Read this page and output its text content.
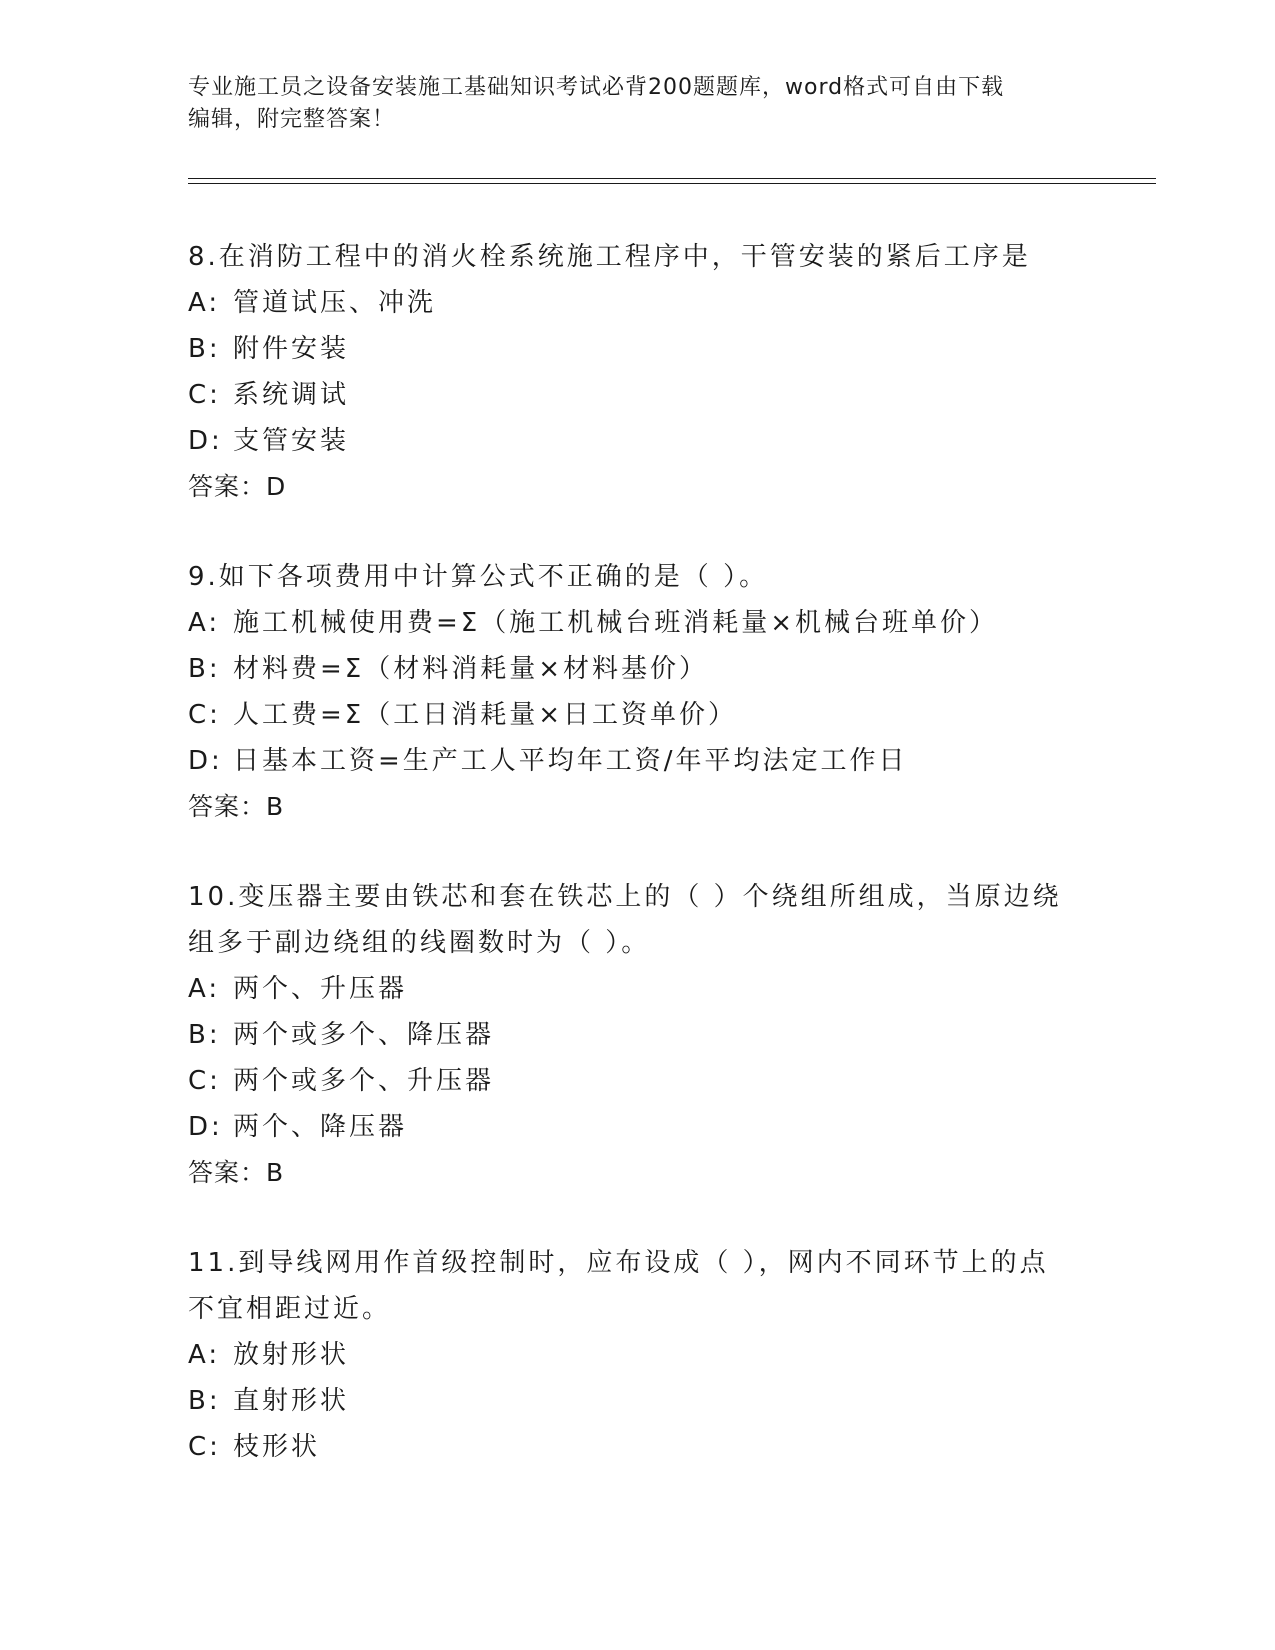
专业施工员之设备安装施工基础知识考试必背200题题库，word格式可自由下载
编辑，附完整答案！
8.在消防工程中的消火栓系统施工程序中，干管安装的紧后工序是
A: 管道试压、冲洗
B: 附件安装
C: 系统调试
D: 支管安装
答案：D
9.如下各项费用中计算公式不正确的是（ ）。
A: 施工机械使用费=Σ（施工机械台班消耗量×机械台班单价）
B: 材料费=Σ（材料消耗量×材料基价）
C: 人工费=Σ（工日消耗量×日工资单价）
D: 日基本工资=生产工人平均年工资/年平均法定工作日
答案：B
10.变压器主要由铁芯和套在铁芯上的（ ）个绕组所组成，当原边绕
组多于副边绕组的线圈数时为（ ）。
A: 两个、升压器
B: 两个或多个、降压器
C: 两个或多个、升压器
D: 两个、降压器
答案：B
11.到导线网用作首级控制时，应布设成（ ），网内不同环节上的点
不宜相距过近。
A: 放射形状
B: 直射形状
C: 枝形状
